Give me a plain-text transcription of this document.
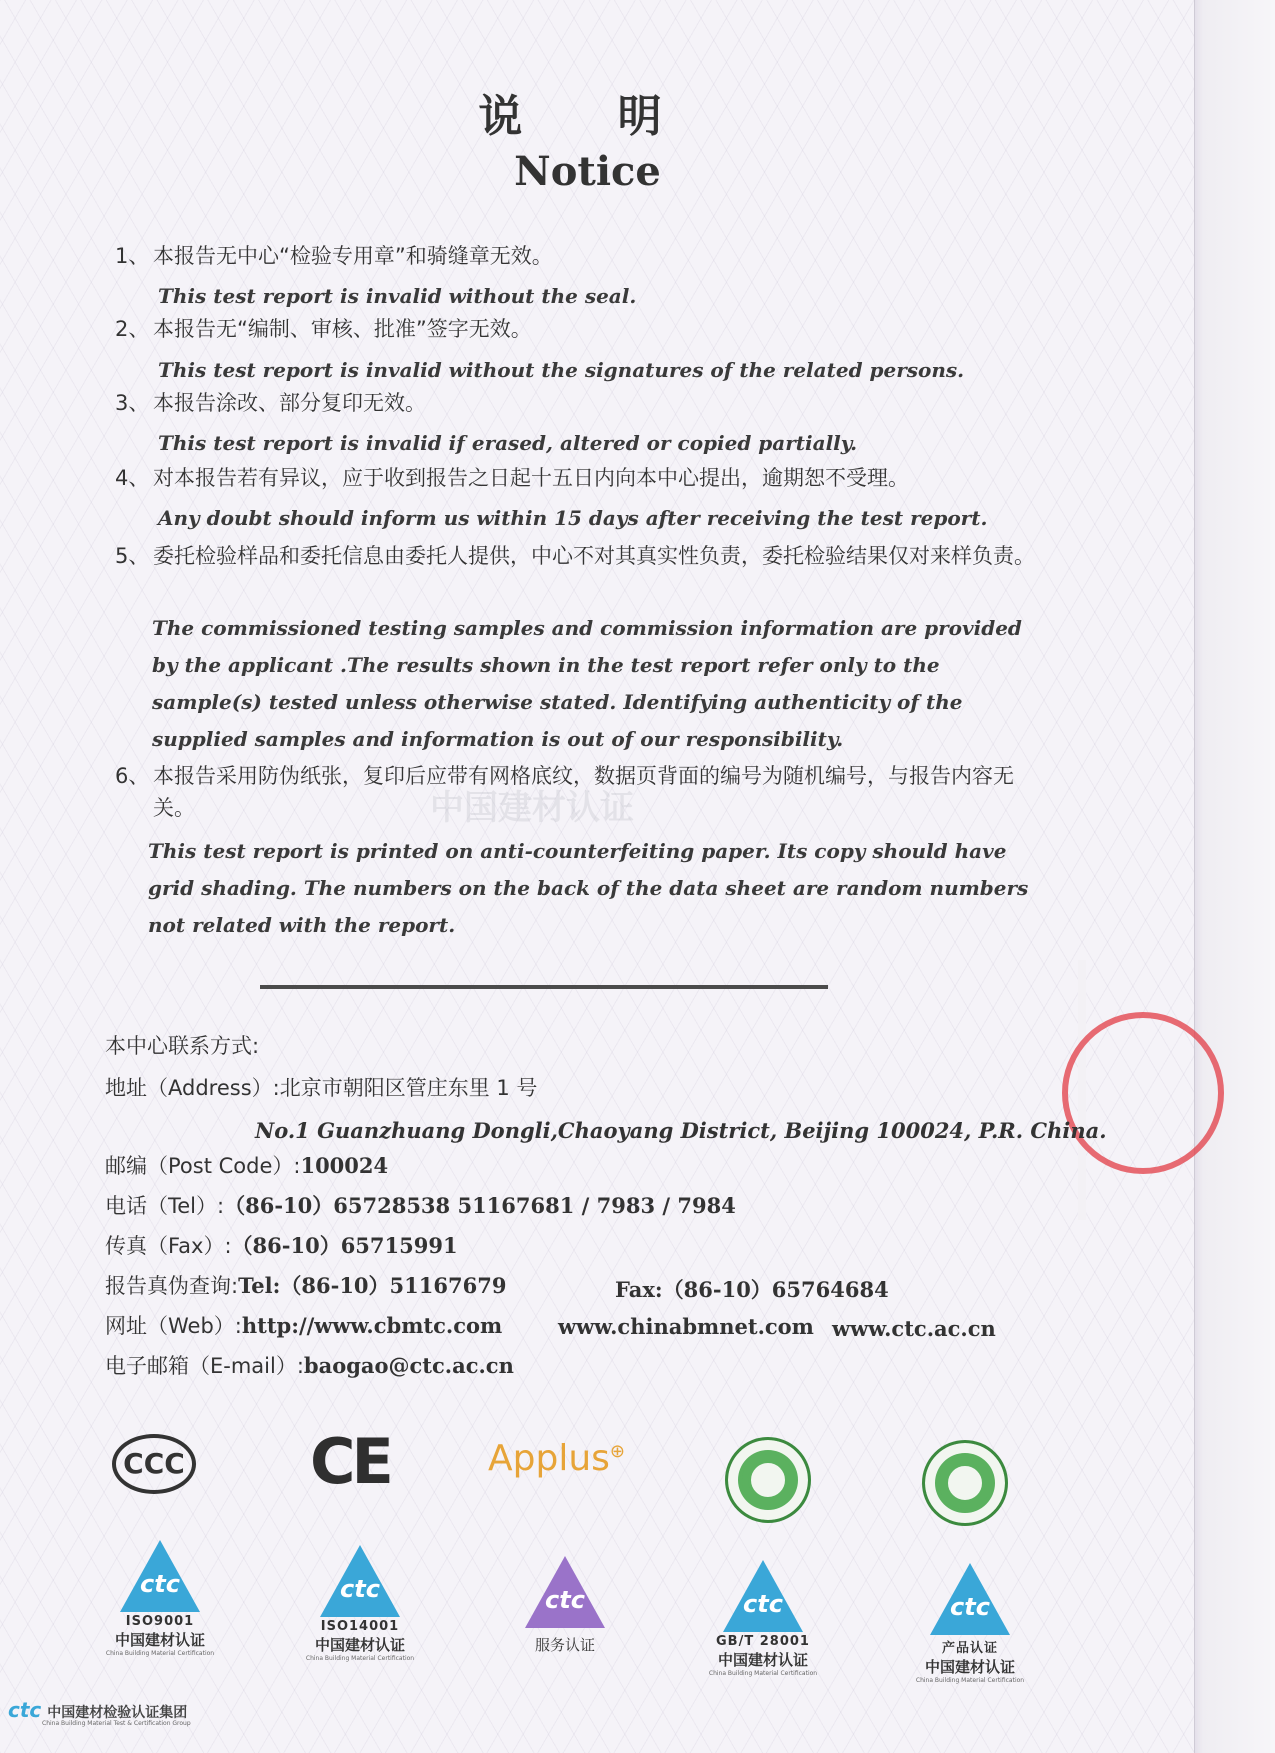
中国建材认证
说 明
Notice
1、 本报告无中心“检验专用章”和骑缝章无效。
This test report is invalid without the seal.
2、 本报告无“编制、审核、批准”签字无效。
This test report is invalid without the signatures of the related persons.
3、 本报告涂改、部分复印无效。
This test report is invalid if erased, altered or copied partially.
4、 对本报告若有异议，应于收到报告之日起十五日内向本中心提出，逾期恕不受理。
Any doubt should inform us within 15 days after receiving the test report.
5、 委托检验样品和委托信息由委托人提供，中心不对其真实性负责，委托检验结果仅对来样负责。
The commissioned testing samples and commission information are provided by the applicant .The results shown in the test report refer only to the sample(s) tested unless otherwise stated. Identifying authenticity of the supplied samples and information is out of our responsibility.
6、 本报告采用防伪纸张，复印后应带有网格底纹，数据页背面的编号为随机编号，与报告内容无关。
This test report is printed on anti-counterfeiting paper. Its copy should have grid shading. The numbers on the back of the data sheet are random numbers not related with the report.
本中心联系方式:
地址（Address）:北京市朝阳区管庄东里 1 号
No.1 Guanzhuang Dongli,Chaoyang District, Beijing 100024, P.R. China.
邮编（Post Code）:100024
电话（Tel）:（86-10）65728538 51167681 / 7983 / 7984
传真（Fax）:（86-10）65715991
报告真伪查询:Tel:（86-10）51167679	Fax:（86-10）65764684
网址（Web）:http://www.cbmtc.com	www.chinabmnet.com www.ctc.ac.cn
电子邮箱（E-mail）:baogao@ctc.ac.cn
CCC CE	Applus⊕
ctc
ISO9001
中国建材认证
China Building Material Certification
ctc
ISO14001
中国建材认证
China Building Material Certification
ctc
服务认证
ctc
GB/T 28001
中国建材认证
China Building Material Certification
ctc
产品认证
中国建材认证
China Building Material Certification
ctc 中国建材检验认证集团
China Building Material Test & Certification Group
